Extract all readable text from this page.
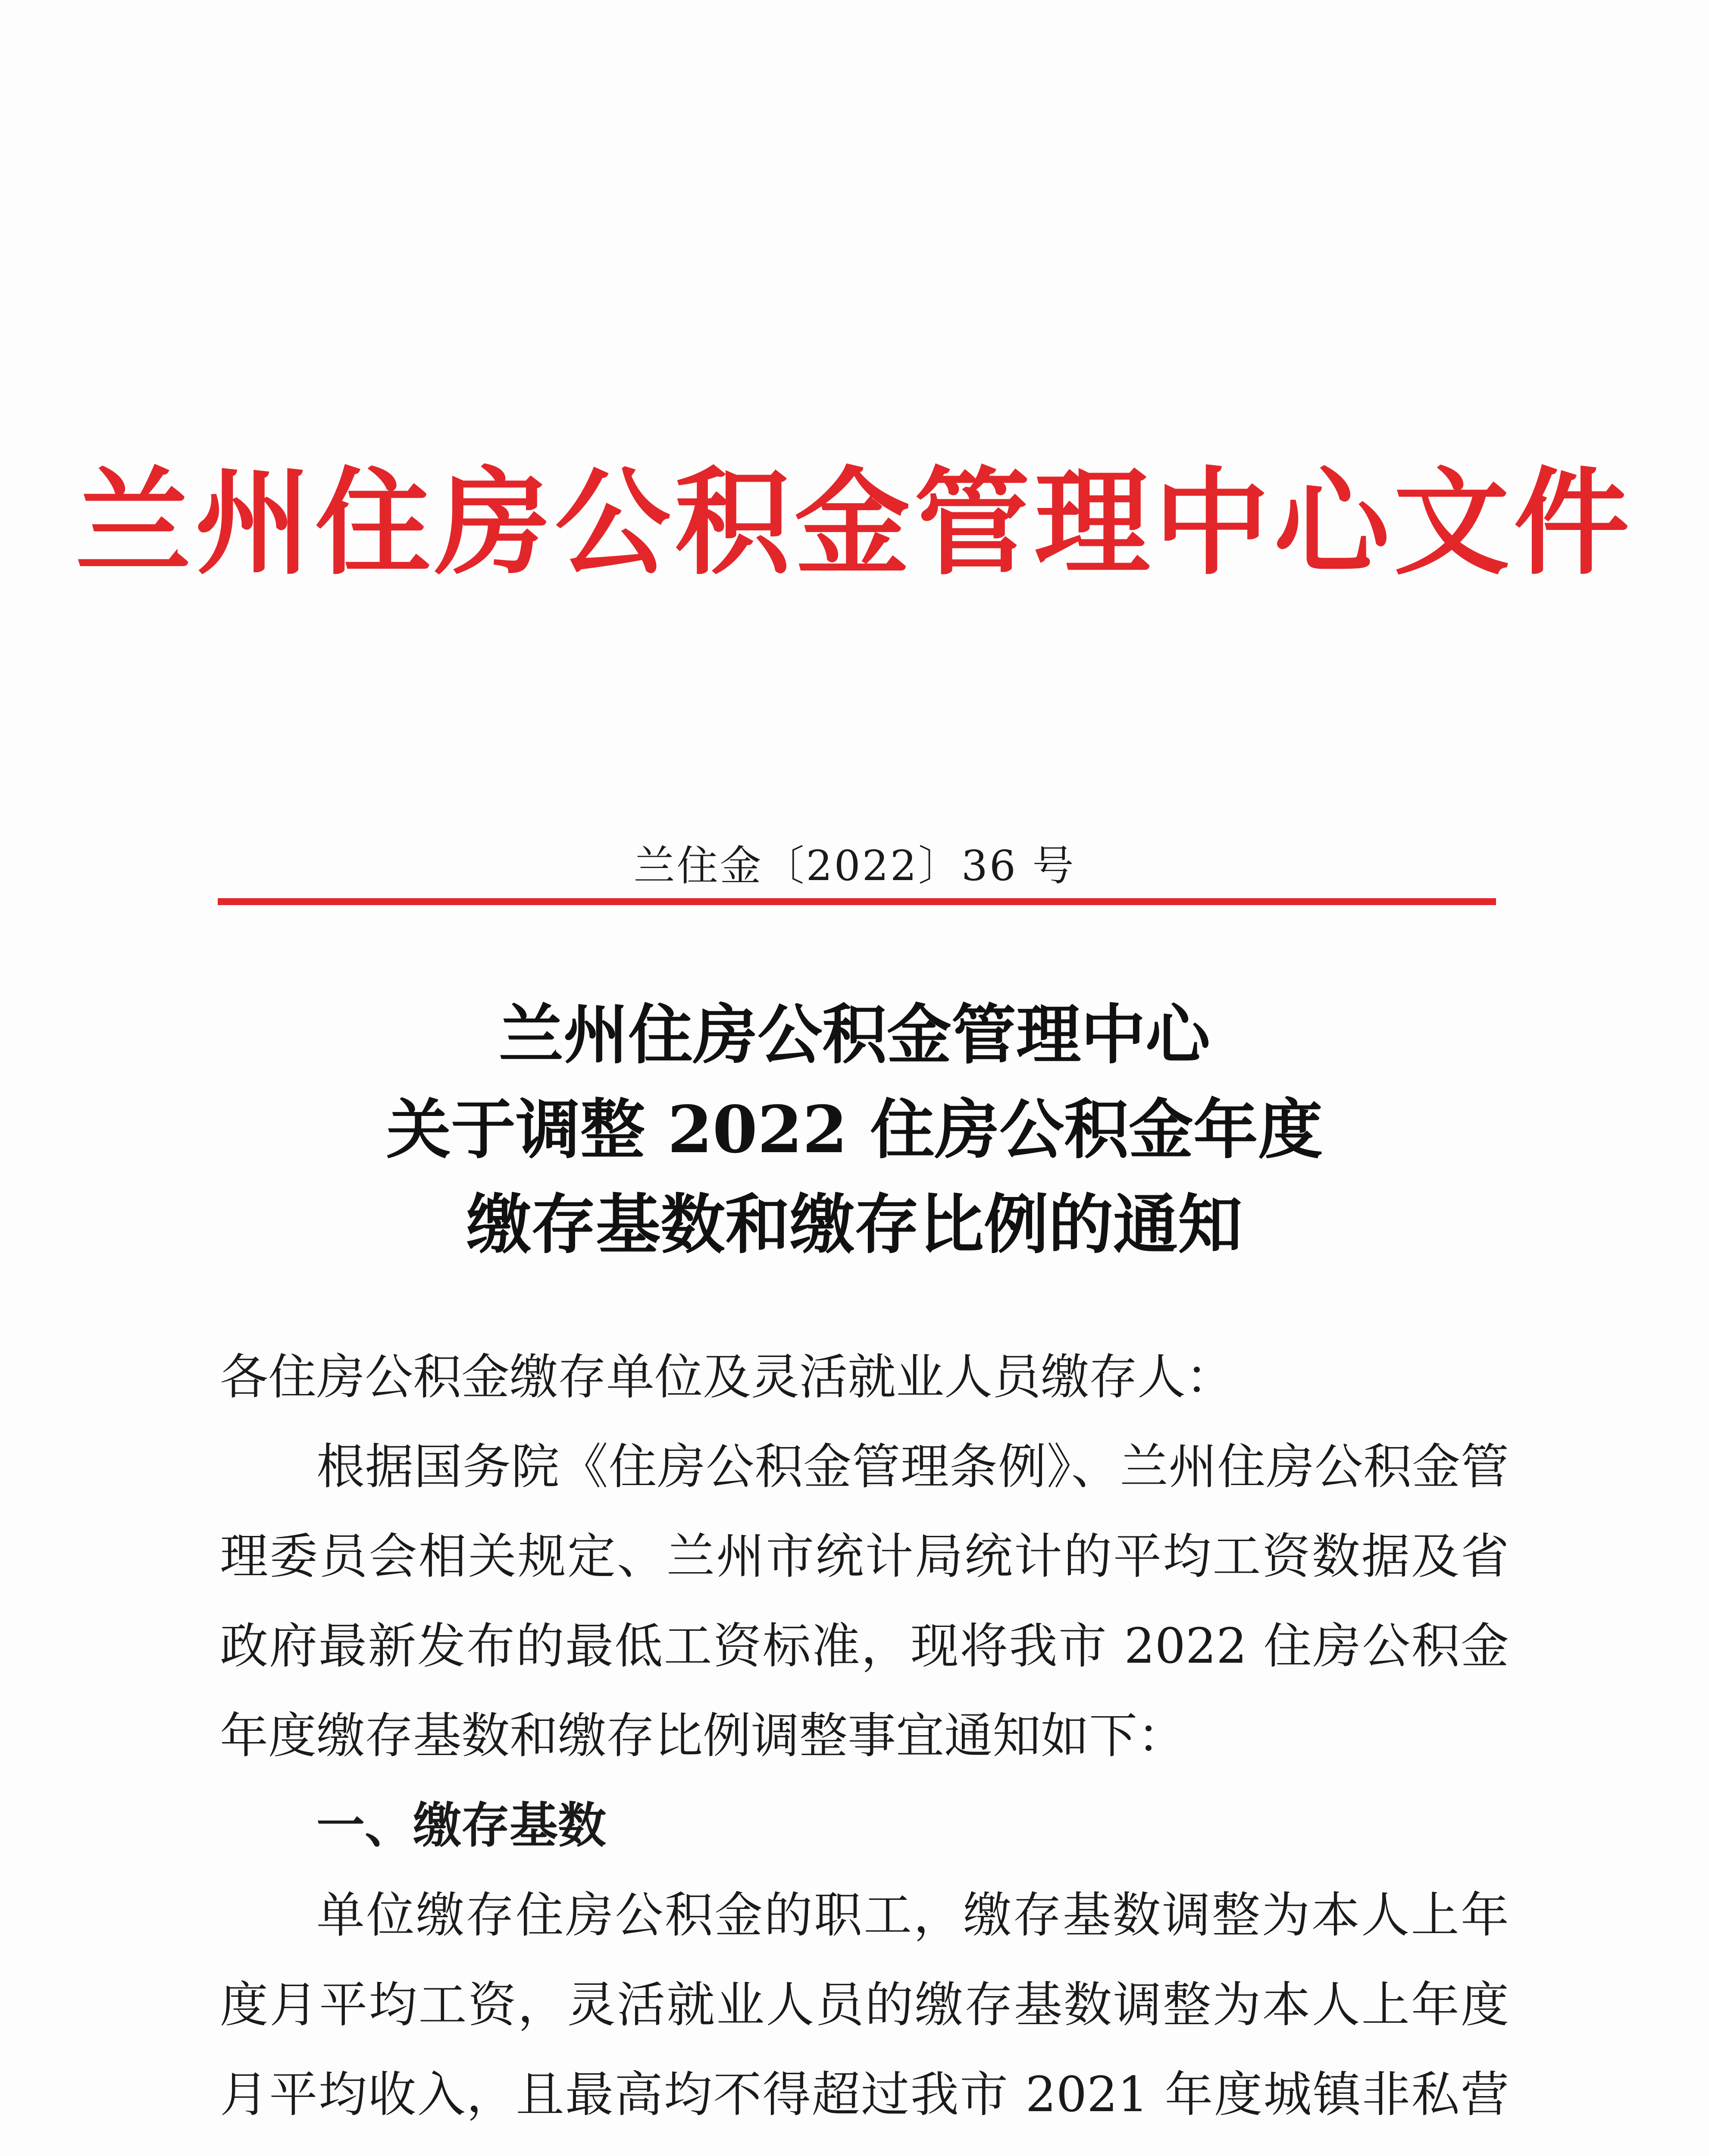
兰州住房公积金管理中心文件
兰住金〔2022〕36 号
兰州住房公积金管理中心
关于调整 2022 住房公积金年度
缴存基数和缴存比例的通知

各住房公积金缴存单位及灵活就业人员缴存人：

根据国务院《住房公积金管理条例》、兰州住房公积金管理委员会相关规定、兰州市统计局统计的平均工资数据及省政府最新发布的最低工资标准，现将我市 2022 住房公积金年度缴存基数和缴存比例调整事宜通知如下：

一、缴存基数

单位缴存住房公积金的职工，缴存基数调整为本人上年度月平均工资，灵活就业人员的缴存基数调整为本人上年度月平均收入，且最高均不得超过我市 2021 年度城镇非私营
